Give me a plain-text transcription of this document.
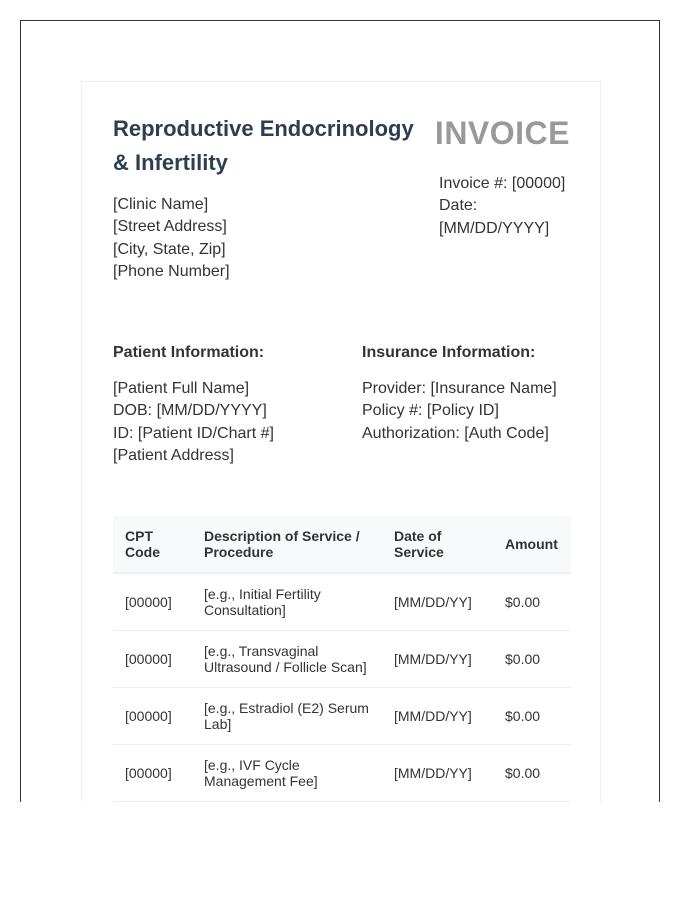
Reproductive Endocrinology & Infertility
INVOICE
[Clinic Name]
[Street Address]
[City, State, Zip]
[Phone Number]
Invoice #: [00000]
Date:
[MM/DD/YYYY]
Patient Information:
[Patient Full Name]
DOB: [MM/DD/YYYY]
ID: [Patient ID/Chart #]
[Patient Address]
Insurance Information:
Provider: [Insurance Name]
Policy #: [Policy ID]
Authorization: [Auth Code]
CPT Code	Description of Service / Procedure	Date of Service	Amount
[00000]	[e.g., Initial Fertility Consultation]	[MM/DD/YY]	$0.00
[00000]	[e.g., Transvaginal Ultrasound / Follicle Scan]	[MM/DD/YY]	$0.00
[00000]	[e.g., Estradiol (E2) Serum Lab]	[MM/DD/YY]	$0.00
[00000]	[e.g., IVF Cycle Management Fee]	[MM/DD/YY]	$0.00
